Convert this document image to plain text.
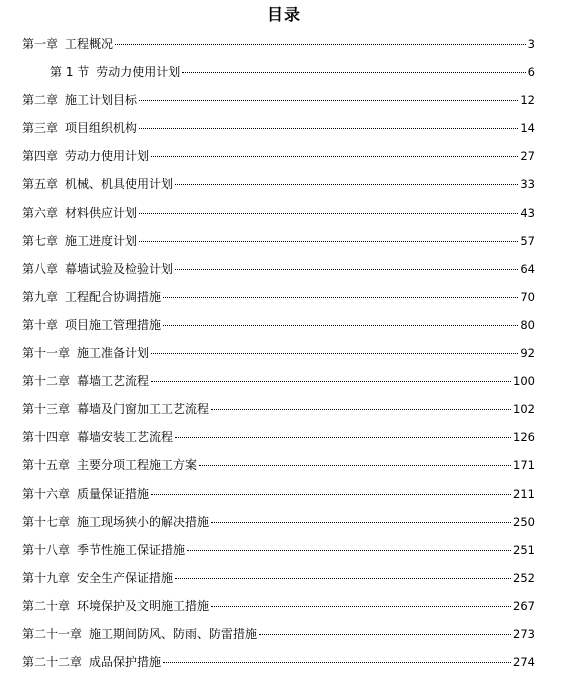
目录
第一章 工程概况	3
第 1 节 劳动力使用计划	6
第二章 施工计划目标	12
第三章 项目组织机构	14
第四章 劳动力使用计划	27
第五章 机械、机具使用计划	33
第六章 材料供应计划	43
第七章 施工进度计划	57
第八章 幕墙试验及检验计划	64
第九章 工程配合协调措施	70
第十章 项目施工管理措施	80
第十一章 施工准备计划	92
第十二章 幕墙工艺流程	100
第十三章 幕墙及门窗加工工艺流程	102
第十四章 幕墙安装工艺流程	126
第十五章 主要分项工程施工方案	171
第十六章 质量保证措施	211
第十七章 施工现场狭小的解决措施	250
第十八章 季节性施工保证措施	251
第十九章 安全生产保证措施	252
第二十章 环境保护及文明施工措施	267
第二十一章 施工期间防风、防雨、防雷措施	273
第二十二章 成品保护措施	274
